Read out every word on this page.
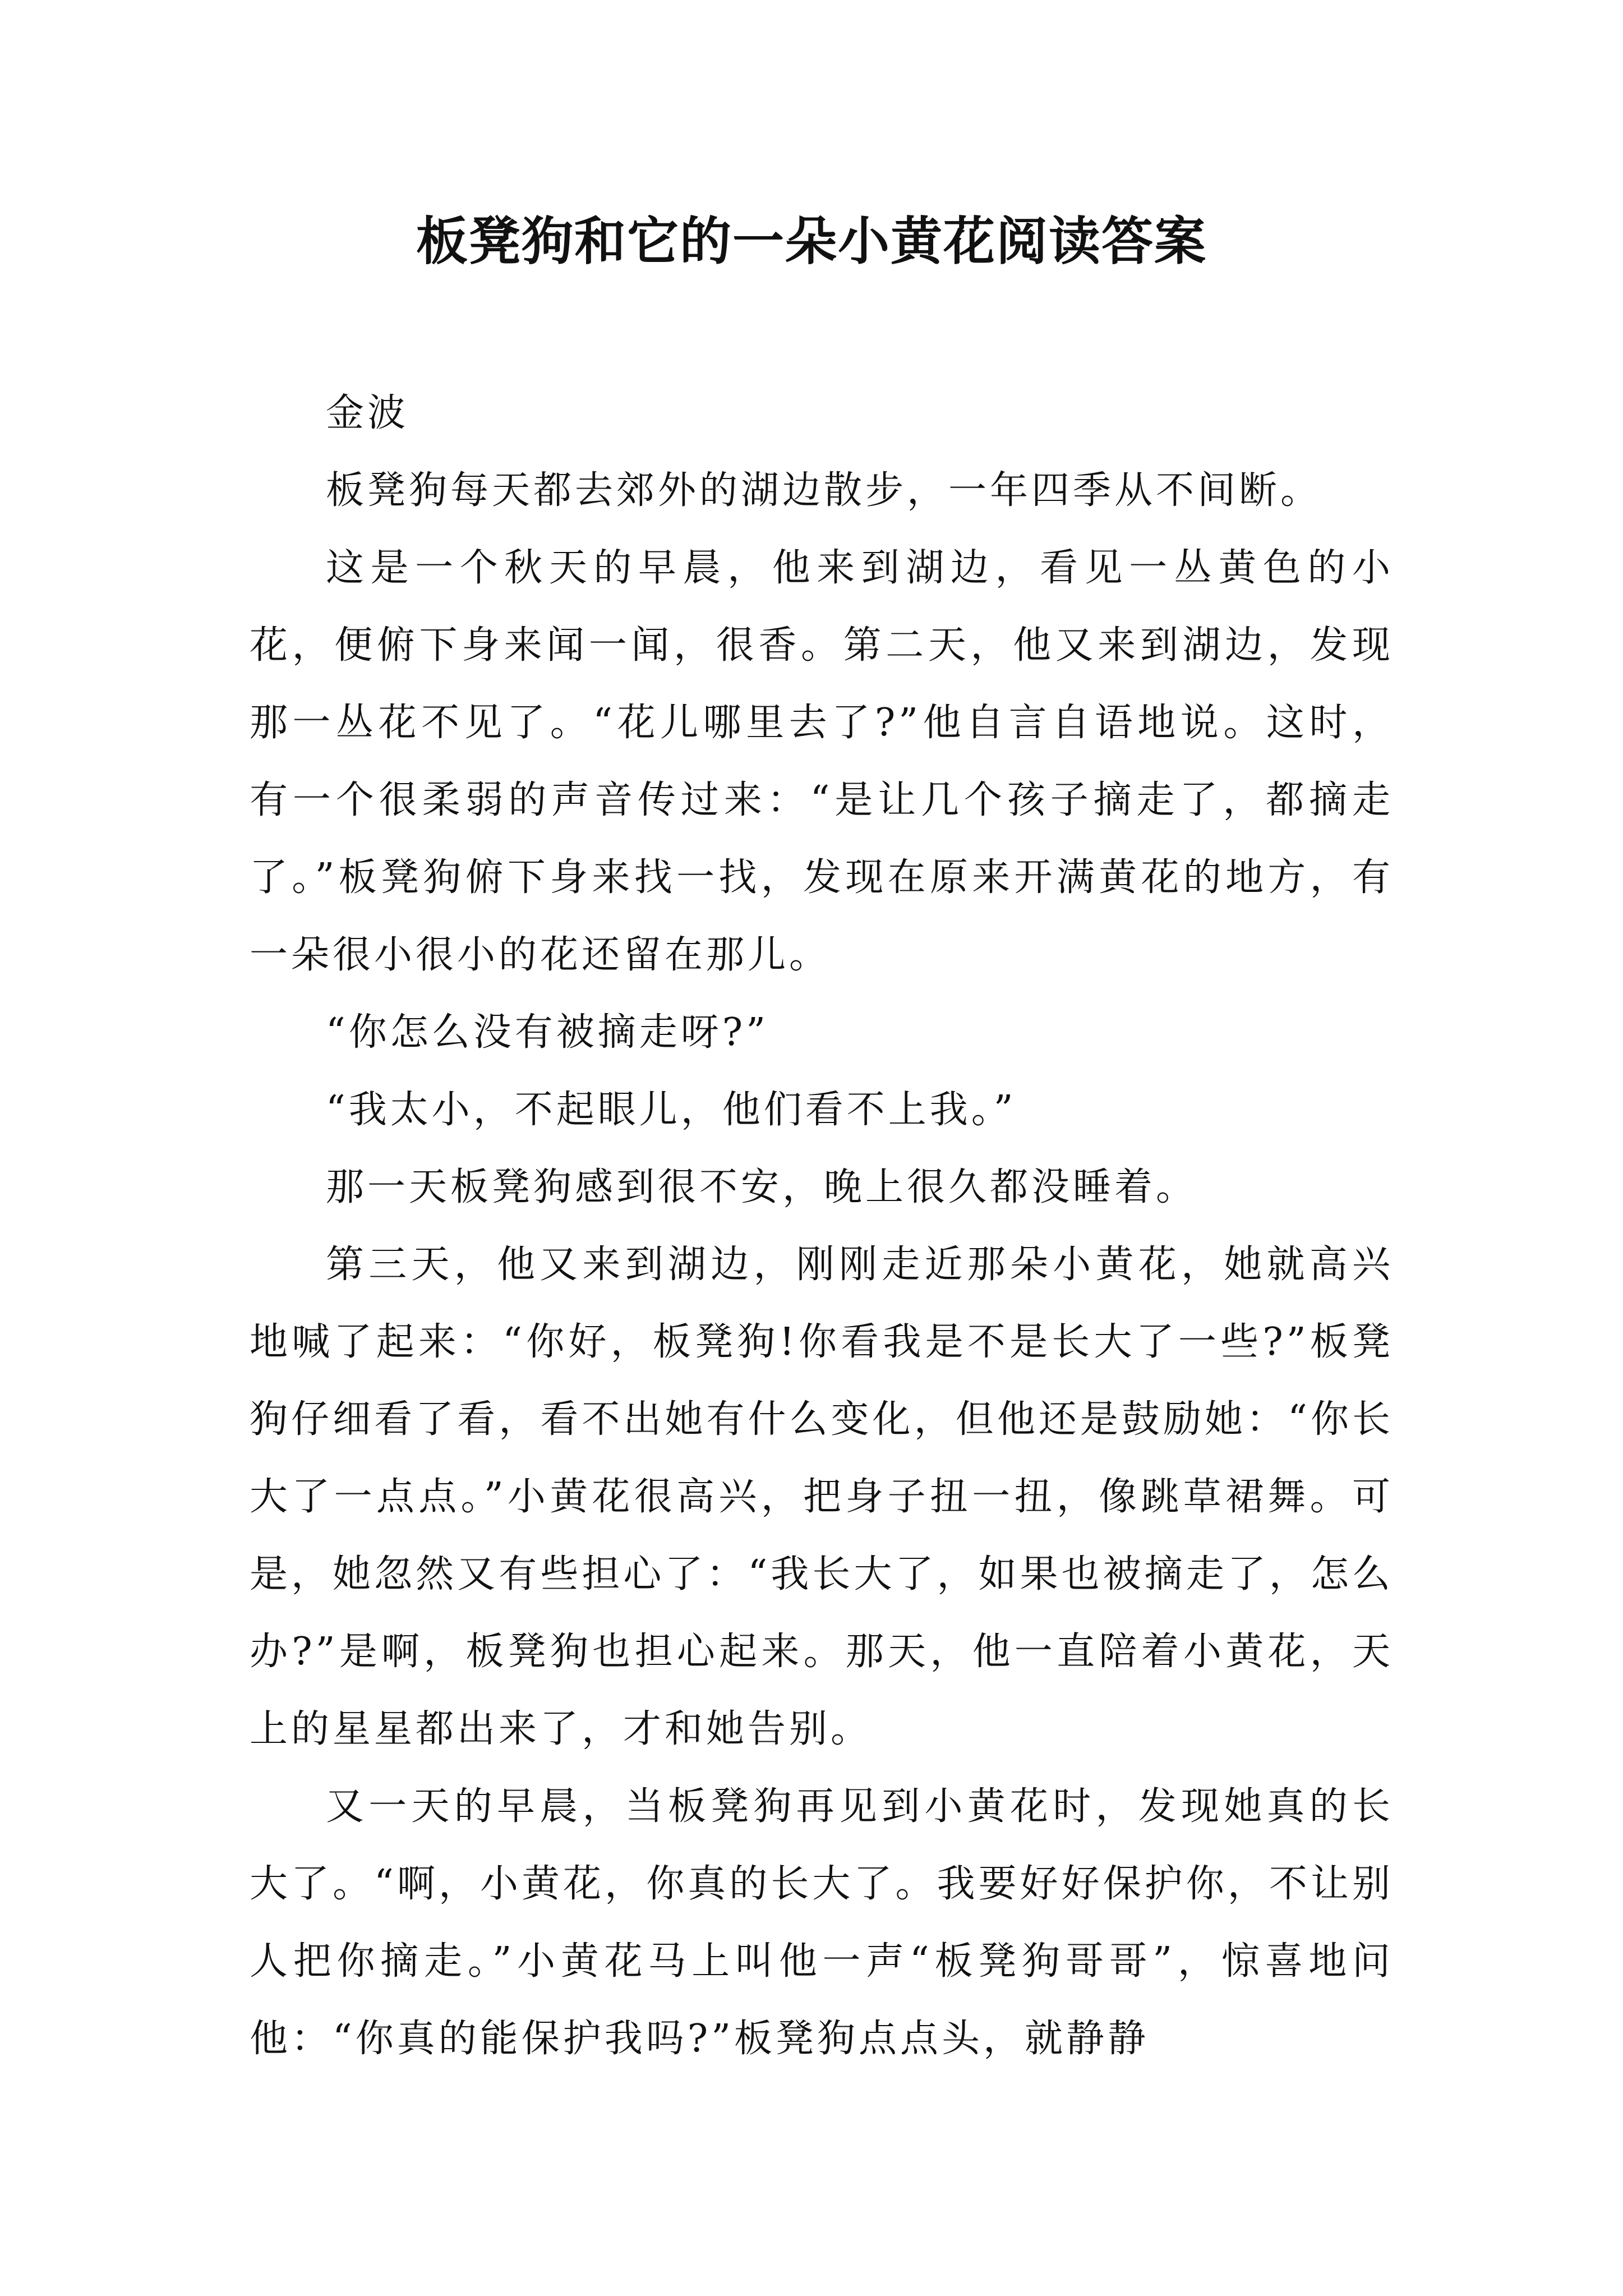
板凳狗和它的一朵小黄花阅读答案

金波

板凳狗每天都去郊外的湖边散步，一年四季从不间断。

这是一个秋天的早晨，他来到湖边，看见一丛黄色的小花，便俯下身来闻一闻，很香。第二天，他又来到湖边，发现那一丛花不见了。“花儿哪里去了?”他自言自语地说。这时，有一个很柔弱的声音传过来：“是让几个孩子摘走了，都摘走了。”板凳狗俯下身来找一找，发现在原来开满黄花的地方，有一朵很小很小的花还留在那儿。

“你怎么没有被摘走呀?”

“我太小，不起眼儿，他们看不上我。”

那一天板凳狗感到很不安，晚上很久都没睡着。

第三天，他又来到湖边，刚刚走近那朵小黄花，她就高兴地喊了起来：“你好，板凳狗!你看我是不是长大了一些?”板凳狗仔细看了看，看不出她有什么变化，但他还是鼓励她：“你长大了一点点。”小黄花很高兴，把身子扭一扭，像跳草裙舞。可是，她忽然又有些担心了：“我长大了，如果也被摘走了，怎么办?”是啊，板凳狗也担心起来。那天，他一直陪着小黄花，天上的星星都出来了，才和她告别。

又一天的早晨，当板凳狗再见到小黄花时，发现她真的长大了。“啊，小黄花，你真的长大了。我要好好保护你，不让别人把你摘走。”小黄花马上叫他一声“板凳狗哥哥”，惊喜地问他：“你真的能保护我吗?”板凳狗点点头，就静静
